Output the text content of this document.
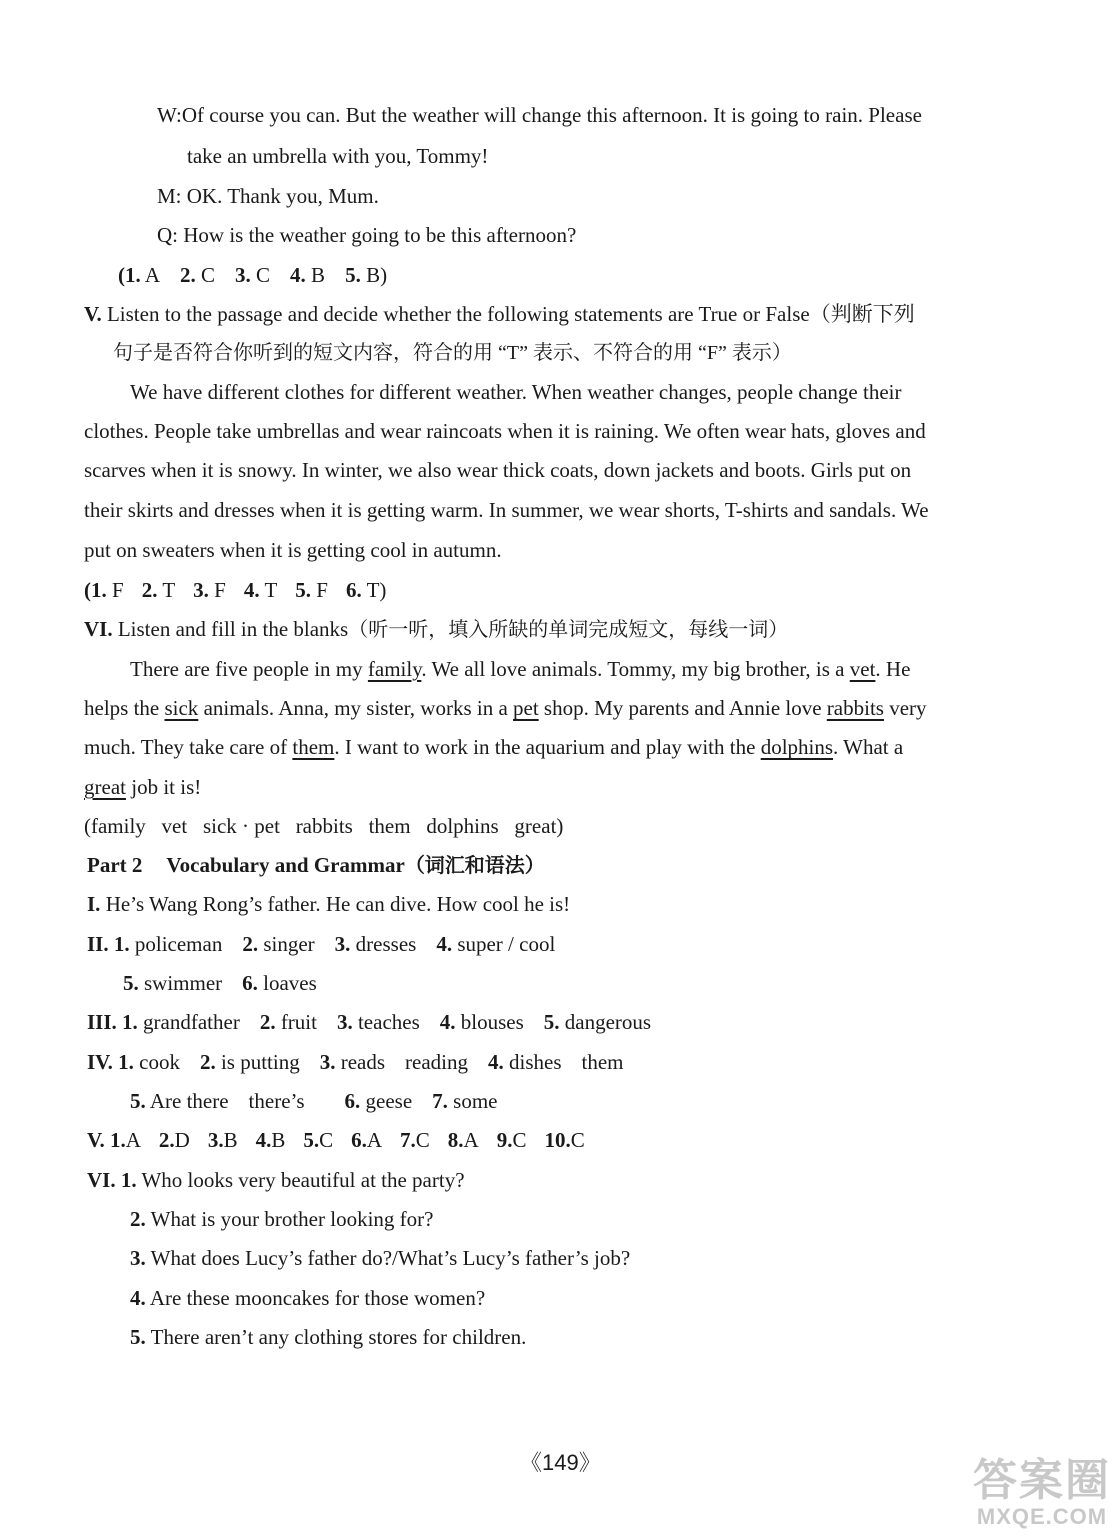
W:Of course you can. But the weather will change this afternoon. It is going to rain. Please
take an umbrella with you, Tommy!
M: OK. Thank you, Mum.
Q: How is the weather going to be this afternoon?
(1. A 2. C 3. C 4. B 5. B)
V. Listen to the passage and decide whether the following statements are True or False（判断下列
句子是否符合你听到的短文内容，符合的用 “T” 表示、不符合的用 “F” 表示）
We have different clothes for different weather. When weather changes, people change their
clothes. People take umbrellas and wear raincoats when it is raining. We often wear hats, gloves and
scarves when it is snowy. In winter, we also wear thick coats, down jackets and boots. Girls put on
their skirts and dresses when it is getting warm. In summer, we wear shorts, T-shirts and sandals. We
put on sweaters when it is getting cool in autumn.
(1. F 2. T 3. F 4. T 5. F 6. T)
VI. Listen and fill in the blanks（听一听，填入所缺的单词完成短文，每线一词）
There are five people in my family. We all love animals. Tommy, my big brother, is a vet. He
helps the sick animals. Anna, my sister, works in a pet shop. My parents and Annie love rabbits very
much. They take care of them. I want to work in the aquarium and play with the dolphins. What a
great job it is!
(family   vet   sick · pet   rabbits   them   dolphins   great)
Part 2 Vocabulary and Grammar（词汇和语法）
I. He’s Wang Rong’s father. He can dive. How cool he is!
II. 1. policeman 2. singer 3. dresses 4. super / cool
5. swimmer 6. loaves
III. 1. grandfather 2. fruit 3. teaches 4. blouses 5. dangerous
IV. 1. cook 2. is putting 3. reads reading 4. dishes them
5. Are there there’s 6. geese 7. some
V. 1.A 2.D 3.B 4.B 5.C 6.A 7.C 8.A 9.C 10.C
VI. 1. Who looks very beautiful at the party?
2. What is your brother looking for?
3. What does Lucy’s father do?/What’s Lucy’s father’s job?
4. Are these mooncakes for those women?
5. There aren’t any clothing stores for children.
《149》	答案圈
MXQE.COM
